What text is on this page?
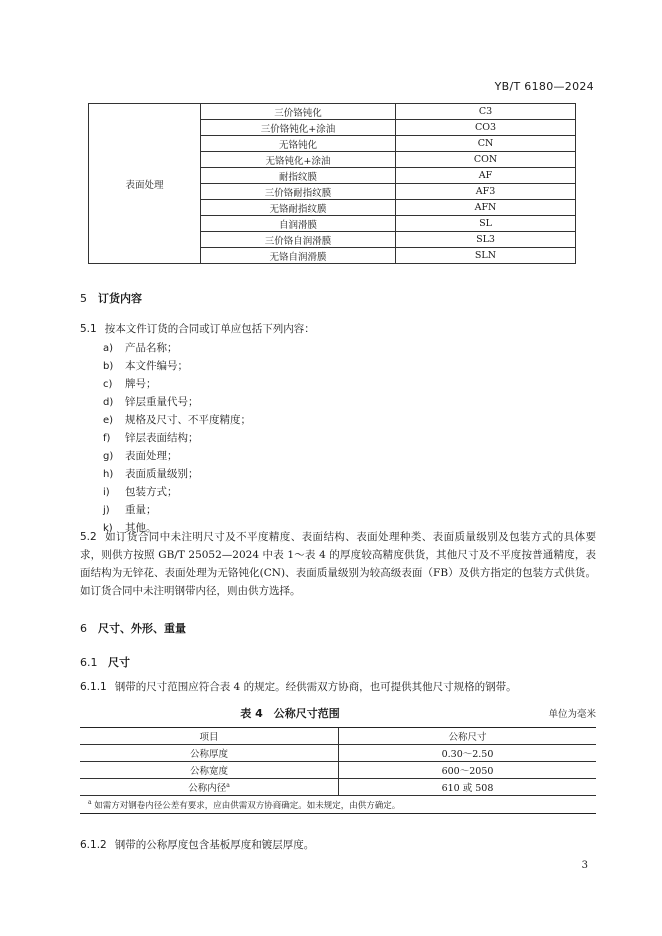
YB/T 6180—2024
表面处理	三价铬钝化	C3
	三价铬钝化+涂油	CO3
	无铬钝化	CN
	无铬钝化+涂油	CON
	耐指纹膜	AF
	三价铬耐指纹膜	AF3
	无铬耐指纹膜	AFN
	自润滑膜	SL
	三价铬自润滑膜	SL3
	无铬自润滑膜	SLN
5 订货内容
5.1 按本文件订货的合同或订单应包括下列内容：
a) 产品名称；
b) 本文件编号；
c) 牌号；
d) 锌层重量代号；
e) 规格及尺寸、不平度精度；
f) 锌层表面结构；
g) 表面处理；
h) 表面质量级别；
i) 包装方式；
j) 重量；
k) 其他。
5.2 如订货合同中未注明尺寸及不平度精度、表面结构、表面处理种类、表面质量级别及包装方式的具体要求，则供方按照 GB/T 25052—2024 中表 1～表 4 的厚度较高精度供货，其他尺寸及不平度按普通精度，表面结构为无锌花、表面处理为无铬钝化(CN)、表面质量级别为较高级表面（FB）及供方指定的包装方式供货。如订货合同中未注明钢带内径，则由供方选择。
6 尺寸、外形、重量
6.1 尺寸
6.1.1 钢带的尺寸范围应符合表 4 的规定。经供需双方协商，也可提供其他尺寸规格的钢带。
表 4　公称尺寸范围	单位为毫米
项目	公称尺寸
公称厚度	0.30～2.50
公称宽度	600～2050
公称内径$^a$	610 或 508
$^a$ 如需方对钢卷内径公差有要求，应由供需双方协商确定。如未规定，由供方确定。	
6.1.2 钢带的公称厚度包含基板厚度和镀层厚度。
3
